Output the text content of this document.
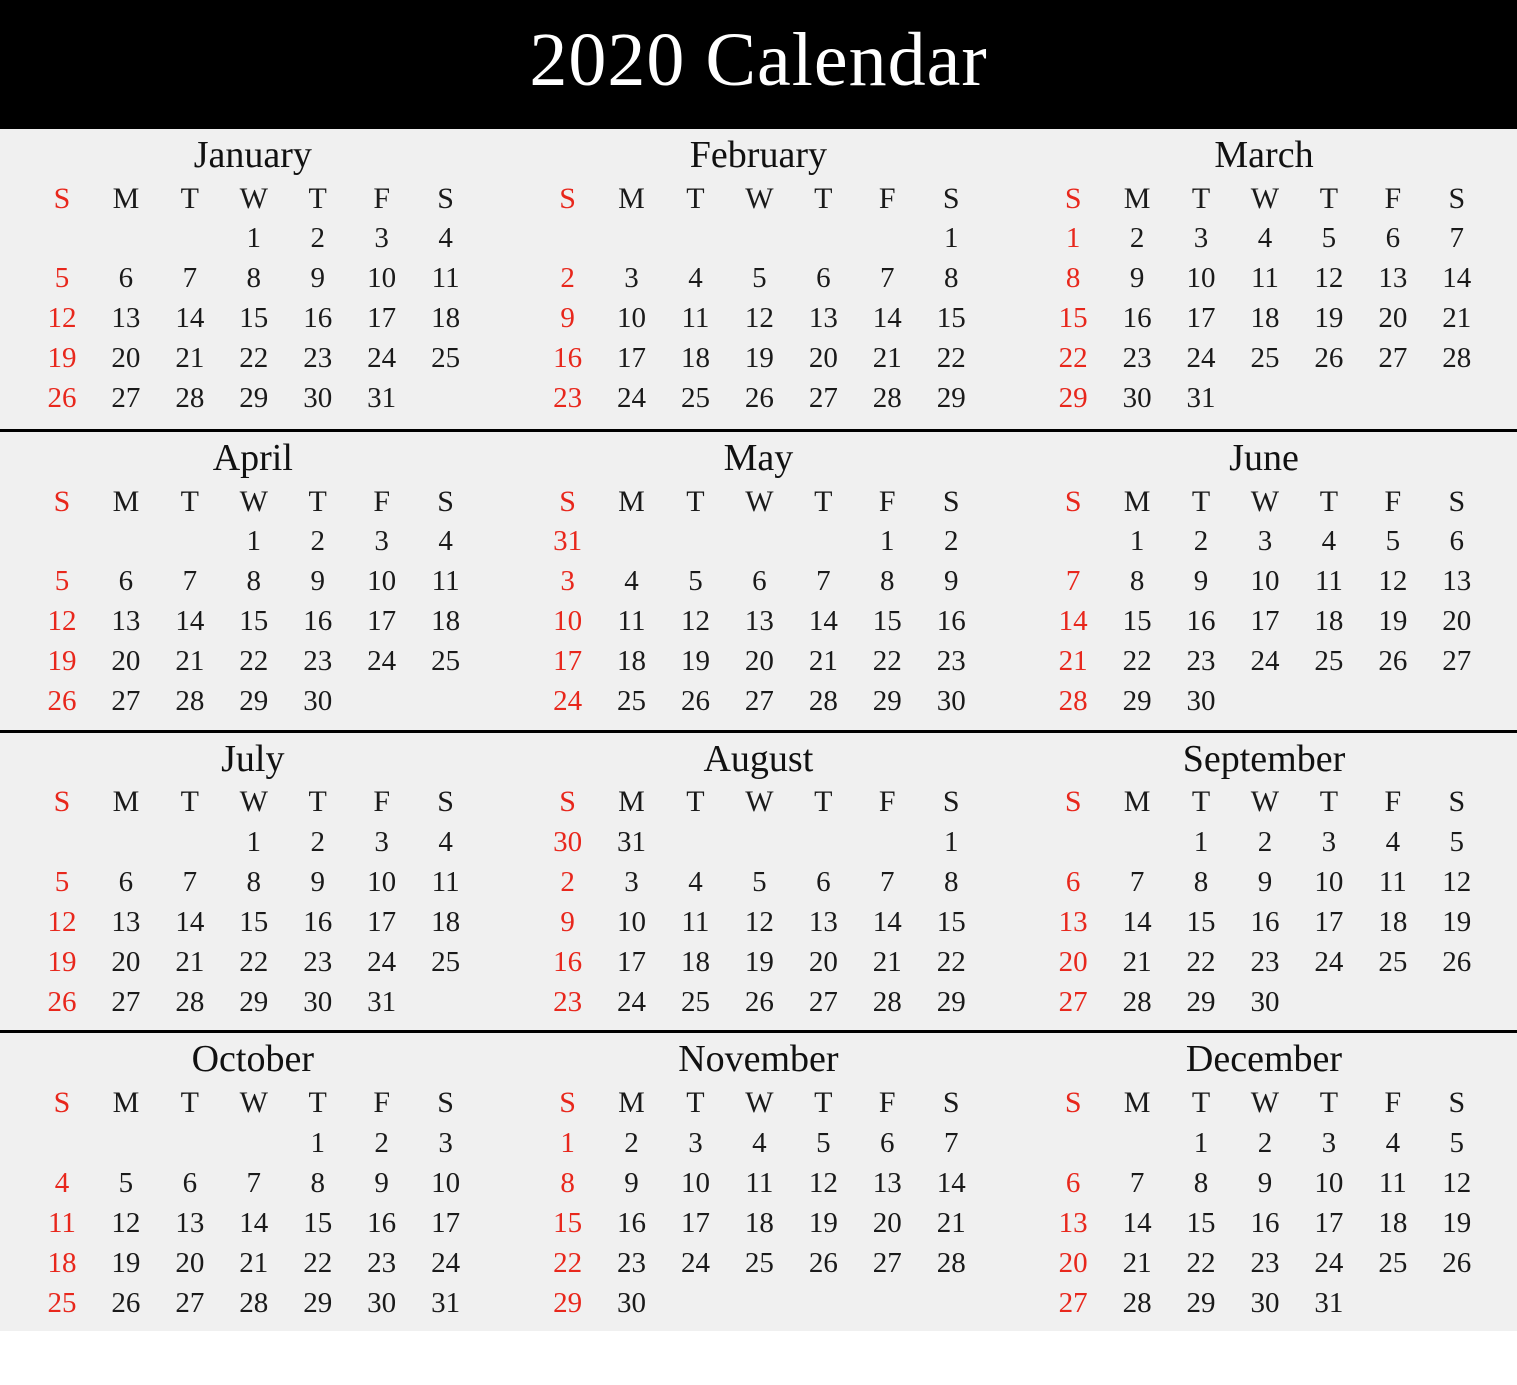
2020 Calendar
January
S	M	T	W	T	F	S
			1	2	3	4
5	6	7	8	9	10	11
12	13	14	15	16	17	18
19	20	21	22	23	24	25
26	27	28	29	30	31	
February
S	M	T	W	T	F	S
						1
2	3	4	5	6	7	8
9	10	11	12	13	14	15
16	17	18	19	20	21	22
23	24	25	26	27	28	29
March
S	M	T	W	T	F	S
1	2	3	4	5	6	7
8	9	10	11	12	13	14
15	16	17	18	19	20	21
22	23	24	25	26	27	28
29	30	31				
April
S	M	T	W	T	F	S
			1	2	3	4
5	6	7	8	9	10	11
12	13	14	15	16	17	18
19	20	21	22	23	24	25
26	27	28	29	30		
May
S	M	T	W	T	F	S
31					1	2
3	4	5	6	7	8	9
10	11	12	13	14	15	16
17	18	19	20	21	22	23
24	25	26	27	28	29	30
June
S	M	T	W	T	F	S
	1	2	3	4	5	6
7	8	9	10	11	12	13
14	15	16	17	18	19	20
21	22	23	24	25	26	27
28	29	30				
July
S	M	T	W	T	F	S
			1	2	3	4
5	6	7	8	9	10	11
12	13	14	15	16	17	18
19	20	21	22	23	24	25
26	27	28	29	30	31	
August
S	M	T	W	T	F	S
30	31					1
2	3	4	5	6	7	8
9	10	11	12	13	14	15
16	17	18	19	20	21	22
23	24	25	26	27	28	29
September
S	M	T	W	T	F	S
		1	2	3	4	5
6	7	8	9	10	11	12
13	14	15	16	17	18	19
20	21	22	23	24	25	26
27	28	29	30			
October
S	M	T	W	T	F	S
				1	2	3
4	5	6	7	8	9	10
11	12	13	14	15	16	17
18	19	20	21	22	23	24
25	26	27	28	29	30	31
November
S	M	T	W	T	F	S
1	2	3	4	5	6	7
8	9	10	11	12	13	14
15	16	17	18	19	20	21
22	23	24	25	26	27	28
29	30					
December
S	M	T	W	T	F	S
		1	2	3	4	5
6	7	8	9	10	11	12
13	14	15	16	17	18	19
20	21	22	23	24	25	26
27	28	29	30	31		
